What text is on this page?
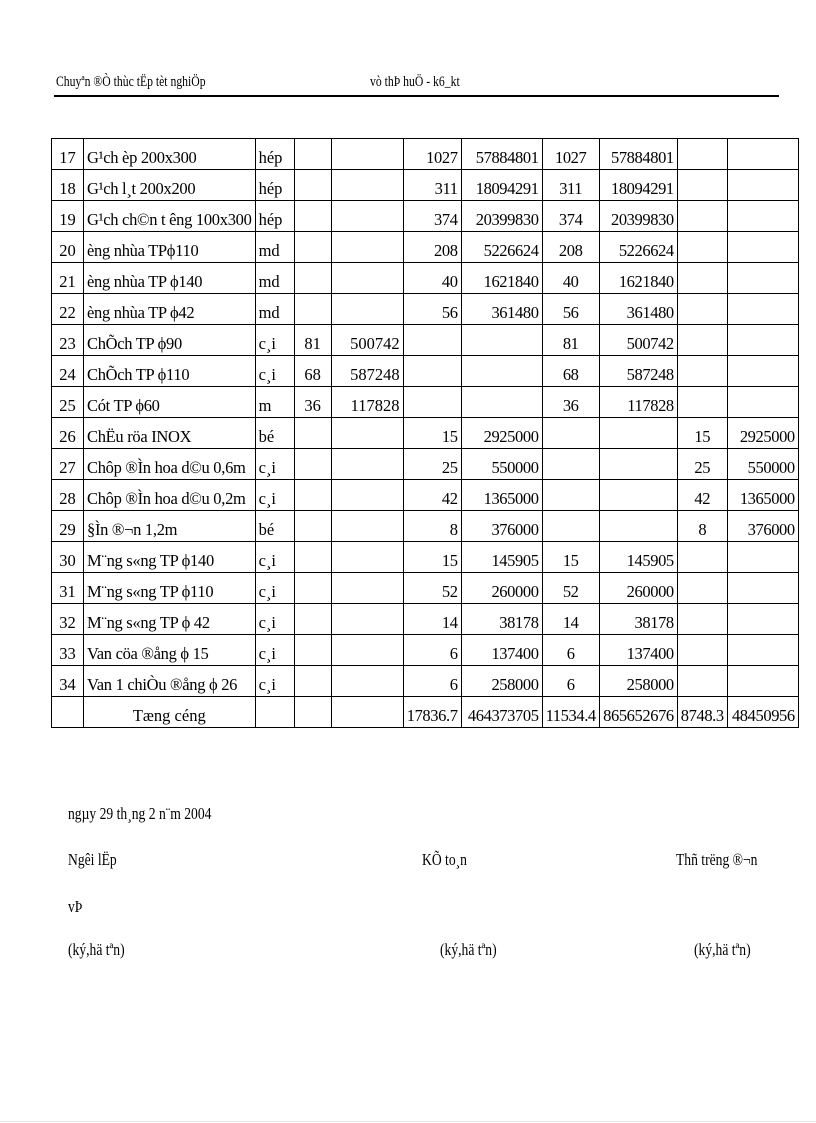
Chuyªn ®Ò thùc tËp tèt nghiÖp	vò thÞ huÖ - k6_kt
17	G¹ch èp 200x300	hép			1027	57884801	1027	57884801		
18	G¹ch l¸t 200x200	hép			311	18094291	311	18094291		
19	G¹ch ch©n t êng 100x300	hép			374	20399830	374	20399830		
20	èng nhùa TPϕ110	md			208	5226624	208	5226624		
21	èng nhùa TP ϕ140	md			40	1621840	40	1621840		
22	èng nhùa TP ϕ42	md			56	361480	56	361480		
23	ChÕch TP ϕ90	c¸i	81	500742			81	500742		
24	ChÕch TP ϕ110	c¸i	68	587248			68	587248		
25	Cót TP ϕ60	m	36	117828			36	117828		
26	ChËu röa INOX	bé			15	2925000			15	2925000
27	Chôp ®Ìn hoa d©u 0,6m	c¸i			25	550000			25	550000
28	Chôp ®Ìn hoa d©u 0,2m	c¸i			42	1365000			42	1365000
29	§Ìn ®¬n 1,2m	bé			8	376000			8	376000
30	M¨ng s«ng TP ϕ140	c¸i			15	145905	15	145905		
31	M¨ng s«ng TP ϕ110	c¸i			52	260000	52	260000		
32	M¨ng s«ng TP ϕ 42	c¸i			14	38178	14	38178		
33	Van cöa ®ång ϕ 15	c¸i			6	137400	6	137400		
34	Van 1 chiÒu ®ång ϕ 26	c¸i			6	258000	6	258000		
	Tæng céng				17836.7	464373705	11534.4	865652676	8748.3	48450956
ngµy 29 th¸ng 2 n¨m 2004
Ngêi lËp	KÕ to¸n	Thñ trëng ®¬n
vÞ
(ký,hä tªn)	(ký,hä tªn)	(ký,hä tªn)
